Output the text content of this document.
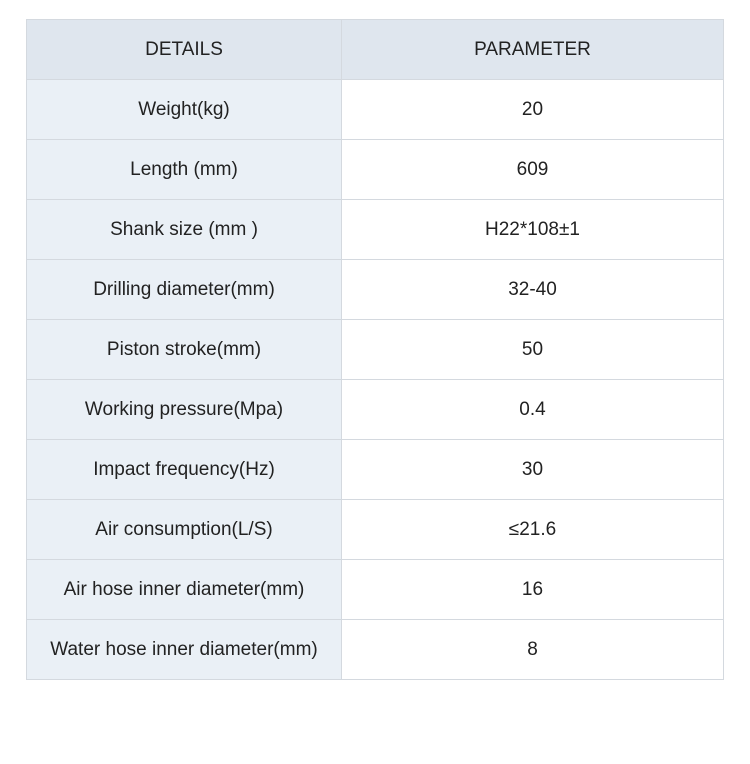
DETAILS	PARAMETER
Weight(kg)	20
Length (mm)	609
Shank size (mm )	H22*108±1
Drilling diameter(mm)	32-40
Piston stroke(mm)	50
Working pressure(Mpa)	0.4
Impact frequency(Hz)	30
Air consumption(L/S)	≤21.6
Air hose inner diameter(mm)	16
Water hose inner diameter(mm)	8
